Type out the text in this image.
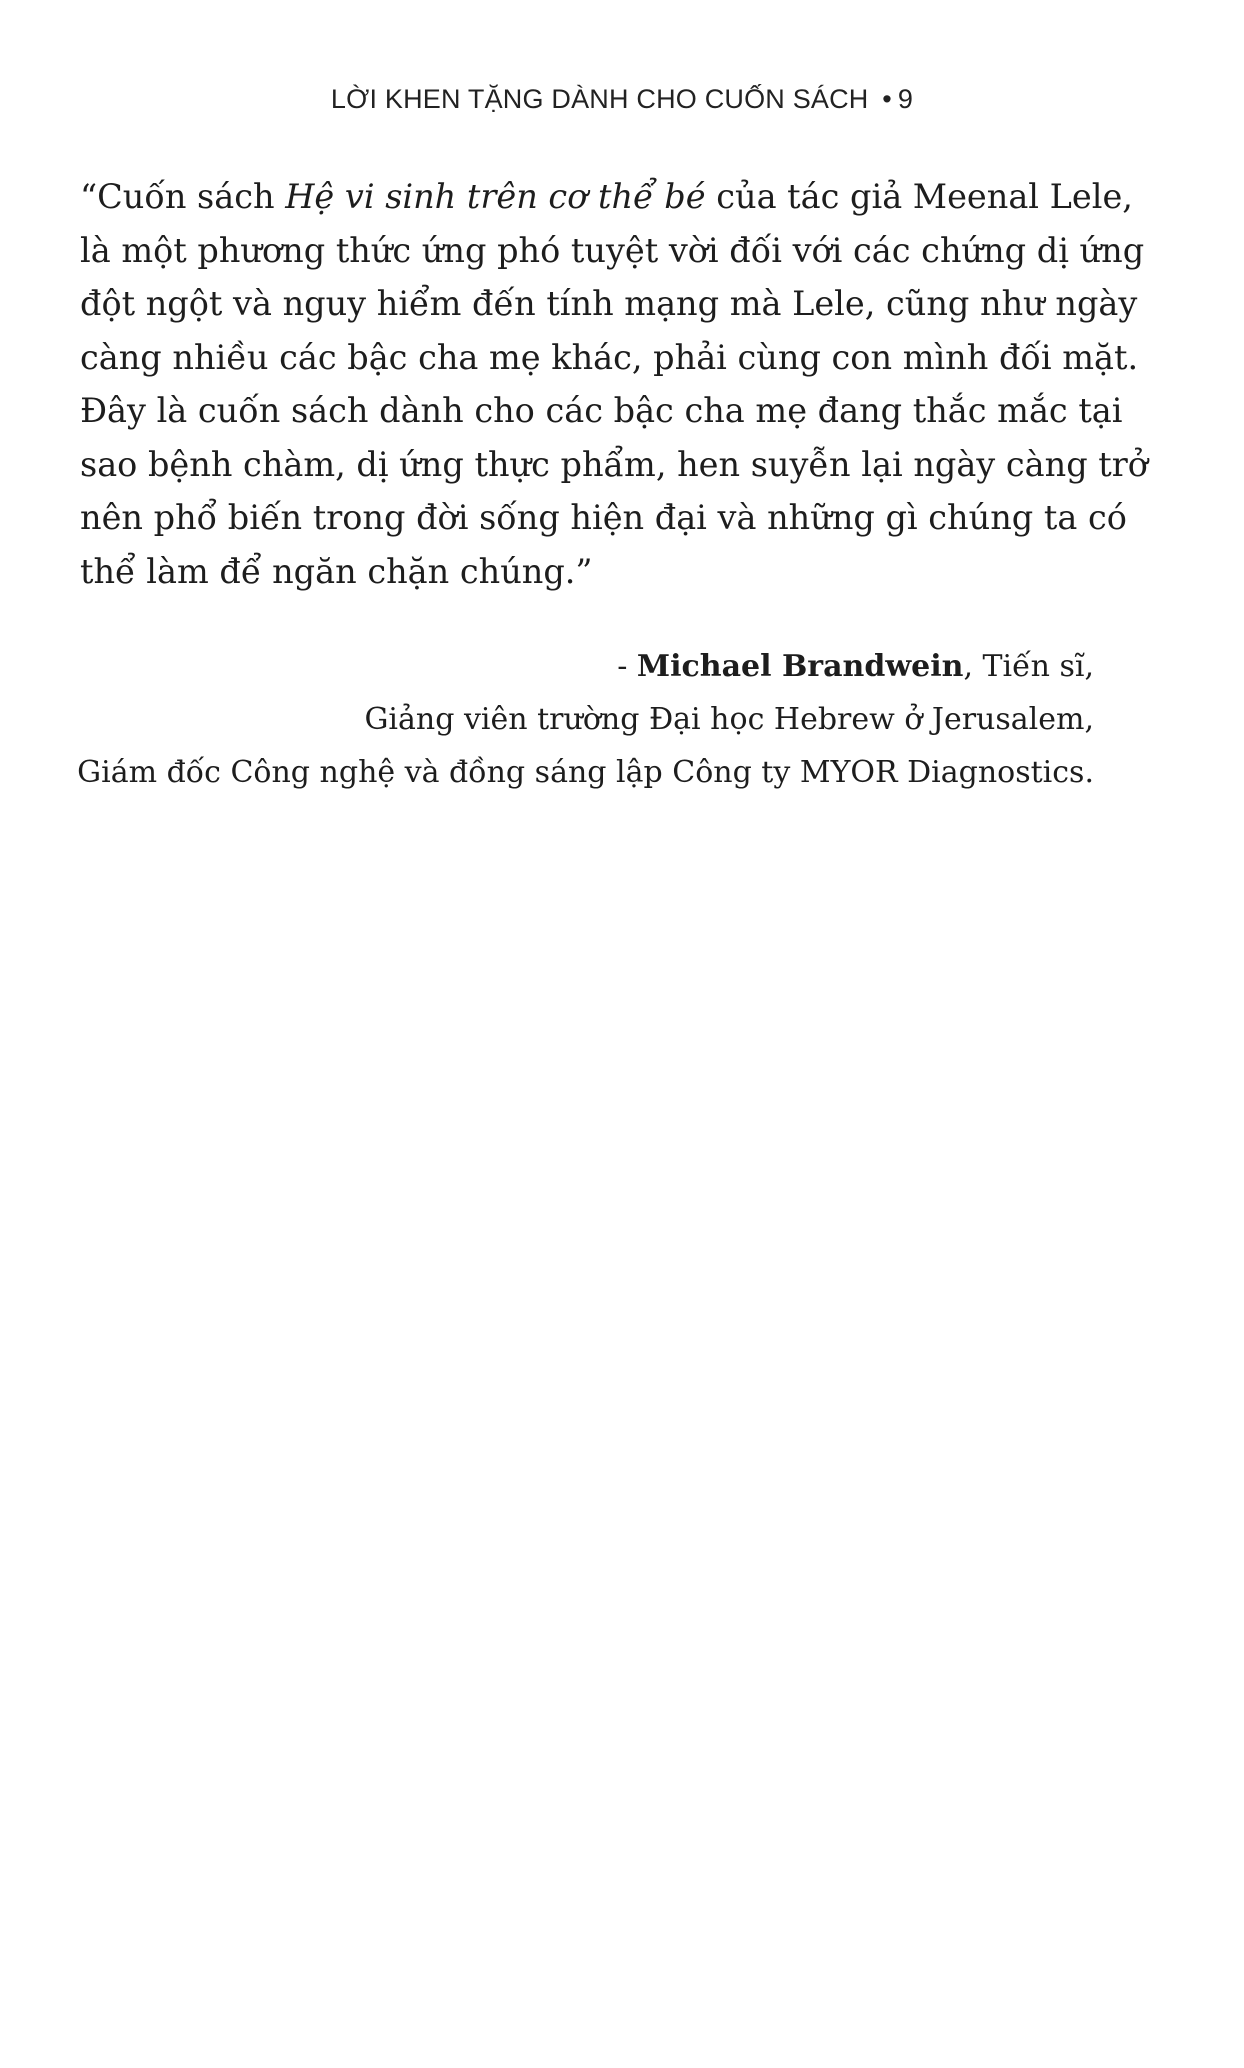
LỜI KHEN TẶNG DÀNH CHO CUỐN SÁCH • 9
“Cuốn sách Hệ vi sinh trên cơ thể bé của tác giả Meenal Lele,
là một phương thức ứng phó tuyệt vời đối với các chứng dị ứng
đột ngột và nguy hiểm đến tính mạng mà Lele, cũng như ngày
càng nhiều các bậc cha mẹ khác, phải cùng con mình đối mặt.
Đây là cuốn sách dành cho các bậc cha mẹ đang thắc mắc tại
sao bệnh chàm, dị ứng thực phẩm, hen suyễn lại ngày càng trở
nên phổ biến trong đời sống hiện đại và những gì chúng ta có
thể làm để ngăn chặn chúng.”
- Michael Brandwein, Tiến sĩ,
Giảng viên trường Đại học Hebrew ở Jerusalem,
Giám đốc Công nghệ và đồng sáng lập Công ty MYOR Diagnostics.
